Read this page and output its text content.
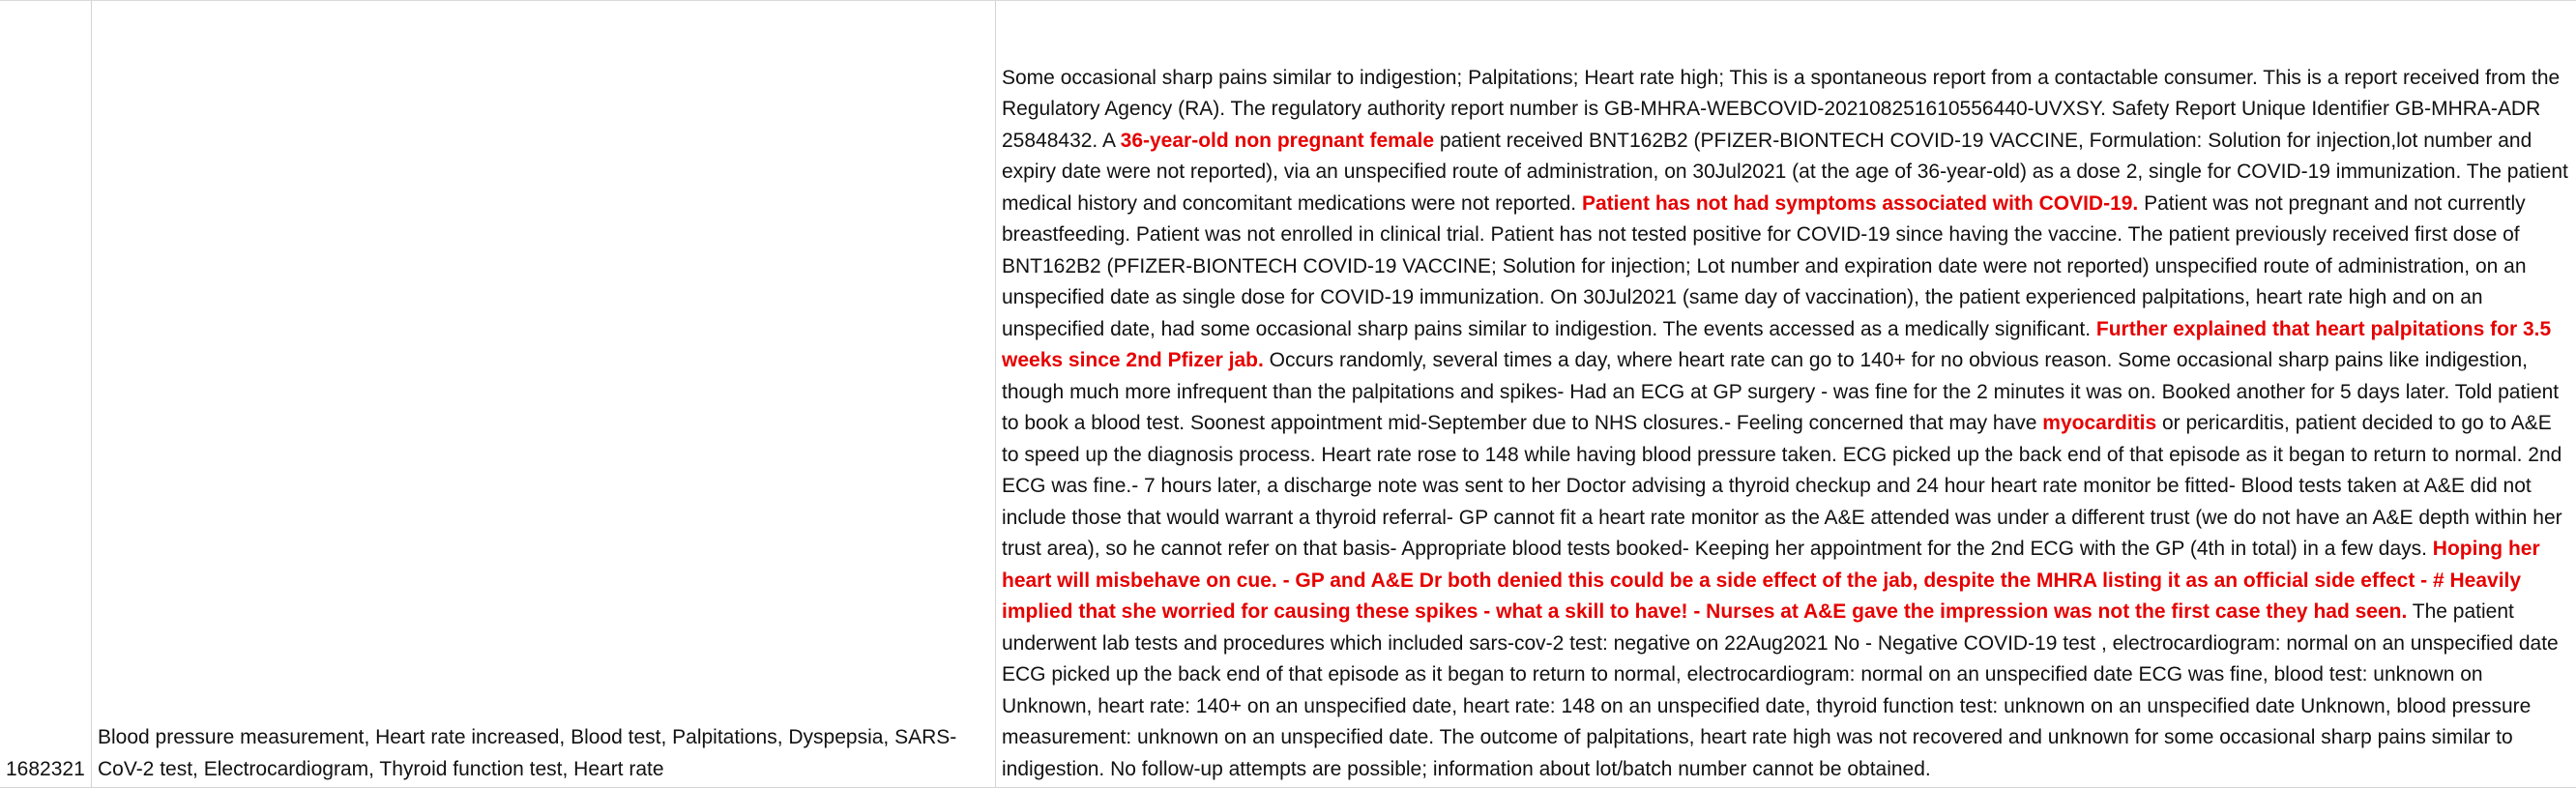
1682321
Blood pressure measurement, Heart rate increased, Blood test, Palpitations, Dyspepsia, SARS-CoV-2 test, Electrocardiogram, Thyroid function test, Heart rate

Some occasional sharp pains similar to indigestion; Palpitations; Heart rate high; This is a spontaneous report from a contactable consumer. This is a report received from the Regulatory Agency (RA). The regulatory authority report number is GB-MHRA-WEBCOVID-202108251610556440-UVXSY. Safety Report Unique Identifier GB-MHRA-ADR 25848432. A 36-year-old non pregnant female patient received BNT162B2 (PFIZER-BIONTECH COVID-19 VACCINE, Formulation: Solution for injection,lot number and expiry date were not reported), via an unspecified route of administration, on 30Jul2021 (at the age of 36-year-old) as a dose 2, single for COVID-19 immunization. The patient medical history and concomitant medications were not reported. Patient has not had symptoms associated with COVID-19. Patient was not pregnant and not currently breastfeeding. Patient was not enrolled in clinical trial. Patient has not tested positive for COVID-19 since having the vaccine. The patient previously received first dose of BNT162B2 (PFIZER-BIONTECH COVID-19 VACCINE; Solution for injection; Lot number and expiration date were not reported) unspecified route of administration, on an unspecified date as single dose for COVID-19 immunization. On 30Jul2021 (same day of vaccination), the patient experienced palpitations, heart rate high and on an unspecified date, had some occasional sharp pains similar to indigestion. The events accessed as a medically significant. Further explained that heart palpitations for 3.5 weeks since 2nd Pfizer jab. Occurs randomly, several times a day, where heart rate can go to 140+ for no obvious reason. Some occasional sharp pains like indigestion, though much more infrequent than the palpitations and spikes- Had an ECG at GP surgery - was fine for the 2 minutes it was on. Booked another for 5 days later. Told patient to book a blood test. Soonest appointment mid-September due to NHS closures.- Feeling concerned that may have myocarditis or pericarditis, patient decided to go to A&E to speed up the diagnosis process. Heart rate rose to 148 while having blood pressure taken. ECG picked up the back end of that episode as it began to return to normal. 2nd ECG was fine.- 7 hours later, a discharge note was sent to her Doctor advising a thyroid checkup and 24 hour heart rate monitor be fitted- Blood tests taken at A&E did not include those that would warrant a thyroid referral- GP cannot fit a heart rate monitor as the A&E attended was under a different trust (we do not have an A&E depth within her trust area), so he cannot refer on that basis- Appropriate blood tests booked- Keeping her appointment for the 2nd ECG with the GP (4th in total) in a few days. Hoping her heart will misbehave on cue. - GP and A&E Dr both denied this could be a side effect of the jab, despite the MHRA listing it as an official side effect - # Heavily implied that she worried for causing these spikes - what a skill to have! - Nurses at A&E gave the impression was not the first case they had seen. The patient underwent lab tests and procedures which included sars-cov-2 test: negative on 22Aug2021 No - Negative COVID-19 test , electrocardiogram: normal on an unspecified date ECG picked up the back end of that episode as it began to return to normal, electrocardiogram: normal on an unspecified date ECG was fine, blood test: unknown on Unknown, heart rate: 140+ on an unspecified date, heart rate: 148 on an unspecified date, thyroid function test: unknown on an unspecified date Unknown, blood pressure measurement: unknown on an unspecified date. The outcome of palpitations, heart rate high was not recovered and unknown for some occasional sharp pains similar to indigestion. No follow-up attempts are possible; information about lot/batch number cannot be obtained.
